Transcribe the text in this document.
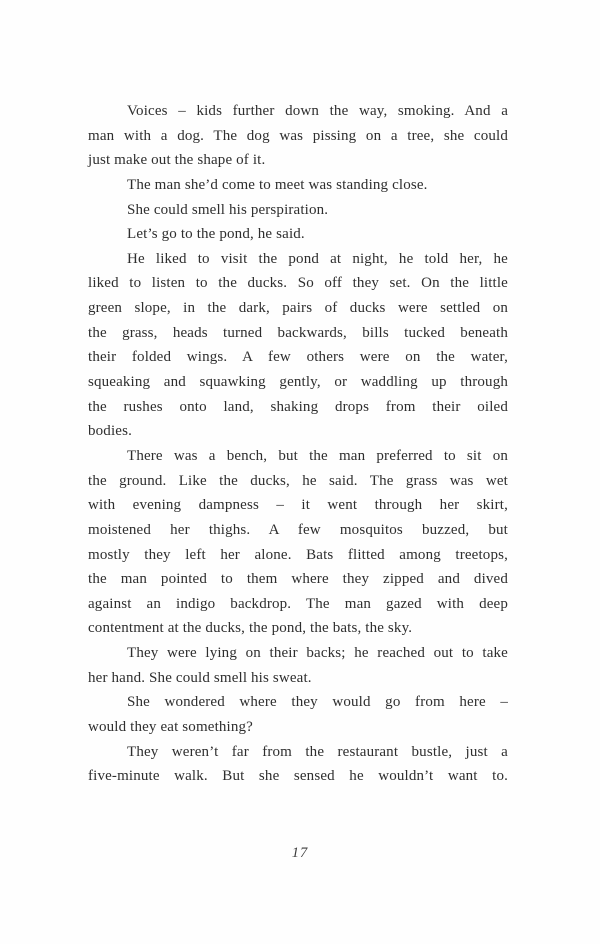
Voices – kids further down the way, smoking. And a
man with a dog. The dog was pissing on a tree, she could
just make out the shape of it.
The man she’d come to meet was standing close.
She could smell his perspiration.
Let’s go to the pond, he said.
He liked to visit the pond at night, he told her, he
liked to listen to the ducks. So off they set. On the little
green slope, in the dark, pairs of ducks were settled on
the grass, heads turned backwards, bills tucked beneath
their folded wings. A few others were on the water,
squeaking and squawking gently, or waddling up through
the rushes onto land, shaking drops from their oiled
bodies.
There was a bench, but the man preferred to sit on
the ground. Like the ducks, he said. The grass was wet
with evening dampness – it went through her skirt,
moistened her thighs. A few mosquitos buzzed, but
mostly they left her alone. Bats flitted among treetops,
the man pointed to them where they zipped and dived
against an indigo backdrop. The man gazed with deep
contentment at the ducks, the pond, the bats, the sky.
They were lying on their backs; he reached out to take
her hand. She could smell his sweat.
She wondered where they would go from here –
would they eat something?
They weren’t far from the restaurant bustle, just a
five-minute walk. But she sensed he wouldn’t want to.
17
